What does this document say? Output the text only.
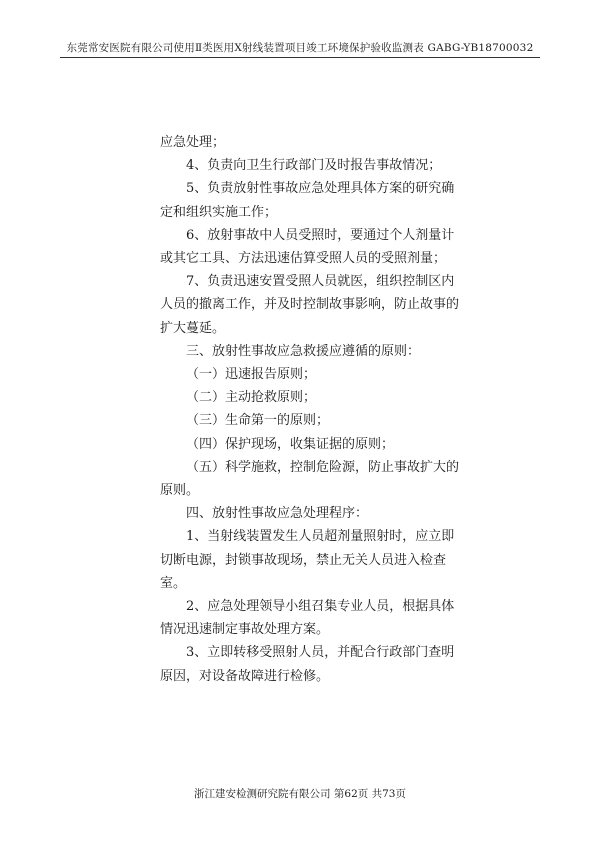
东莞常安医院有限公司使用Ⅱ类医用X射线装置项目竣工环境保护验收监测表 GABG-YB18700032

应急处理；

4、负责向卫生行政部门及时报告事故情况；

5、负责放射性事故应急处理具体方案的研究确定和组织实施工作；

6、放射事故中人员受照时，要通过个人剂量计或其它工具、方法迅速估算受照人员的受照剂量；

7、负责迅速安置受照人员就医，组织控制区内人员的撤离工作，并及时控制故事影响，防止故事的扩大蔓延。

三、放射性事故应急救援应遵循的原则：

（一）迅速报告原则；

（二）主动抢救原则；

（三）生命第一的原则；

（四）保护现场，收集证据的原则；

（五）科学施救，控制危险源，防止事故扩大的原则。

四、放射性事故应急处理程序：

1、当射线装置发生人员超剂量照射时，应立即切断电源，封锁事故现场，禁止无关人员进入检查室。

2、应急处理领导小组召集专业人员，根据具体情况迅速制定事故处理方案。

3、立即转移受照射人员，并配合行政部门查明原因，对设备故障进行检修。

浙江建安检测研究院有限公司 第62页 共73页
